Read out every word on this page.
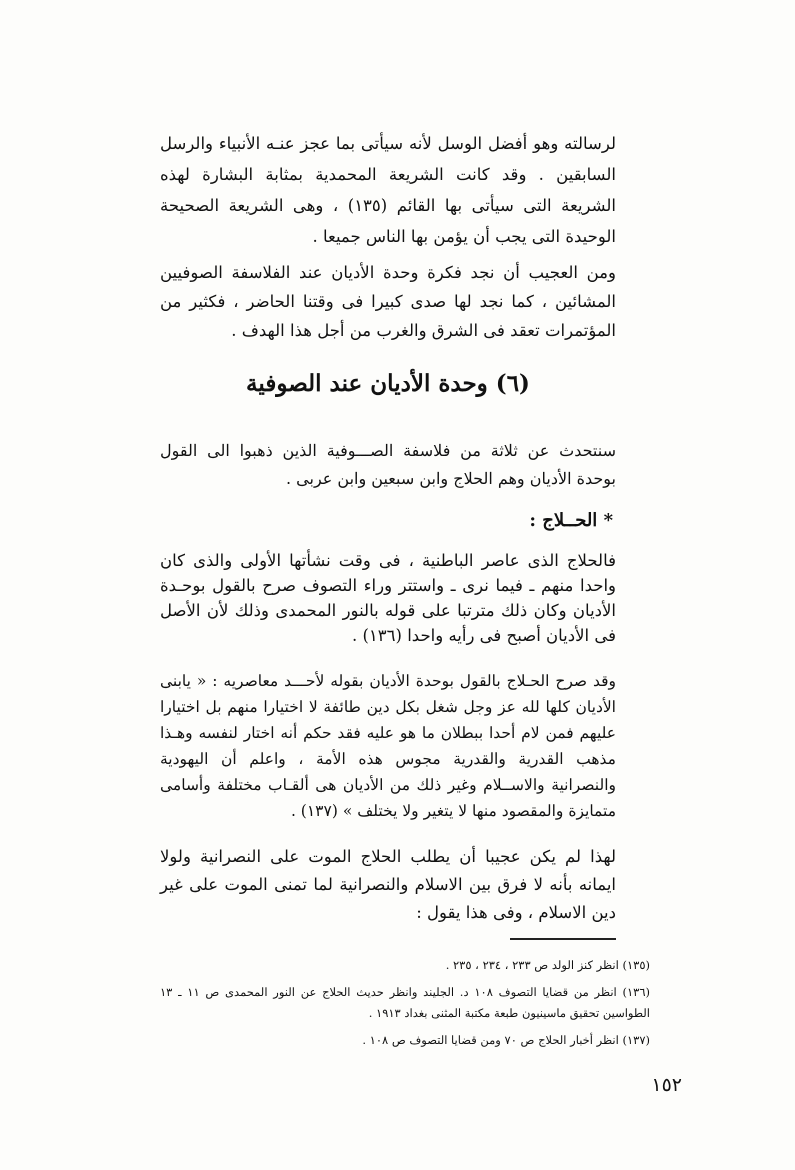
لرسالته وهو أفضل الوسل لأنه سيأتى بما عجز عنـه الأنبياء والرسل السابقين . وقد كانت الشريعة المحمدية بمثابة البشارة لهذه الشريعة التى سيأتى بها القائم (١٣٥) ، وهى الشريعة الصحيحة الوحيدة التى يجب أن يؤمن بها الناس جميعا .

ومن العجيب أن نجد فكرة وحدة الأديان عند الفلاسفة الصوفيين المشائين ، كما نجد لها صدى كبيرا فى وقتنا الحاضر ، فكثير من المؤتمرات تعقد فى الشرق والغرب من أجل هذا الهدف .

(٦) وحدة الأديان عند الصوفية

سنتحدث عن ثلاثة من فلاسفة الصـــوفية الذين ذهبوا الى القول بوحدة الأديان وهم الحلاج وابن سبعين وابن عربى .

* الحــلاج :

فالحلاج الذى عاصر الباطنية ، فى وقت نشأتها الأولى والذى كان واحدا منهم ـ فيما نرى ـ واستتر وراء التصوف صرح بالقول بوحـدة الأديان وكان ذلك مترتبا على قوله بالنور المحمدى وذلك لأن الأصل فى الأديان أصبح فى رأيه واحدا (١٣٦) .

وقد صرح الحـلاج بالقول بوحدة الأديان بقوله لأحـــد معاصريه : « يابنى الأديان كلها لله عز وجل شغل بكل دين طائفة لا اختيارا منهم بل اختيارا عليهم فمن لام أحدا ببطلان ما هو عليه فقد حكم أنه اختار لنفسه وهـذا مذهب القدرية والقدرية مجوس هذه الأمة ، واعلم أن اليهودية والنصرانية والاســلام وغير ذلك من الأديان هى ألقـاب مختلفة وأسامى متمايزة والمقصود منها لا يتغير ولا يختلف » (١٣٧) .

لهذا لم يكن عجيبا أن يطلب الحلاج الموت على النصرانية ولولا ايمانه بأنه لا فرق بين الاسلام والنصرانية لما تمنى الموت على غير دين الاسلام ، وفى هذا يقول :

(١٣٥) انظر كنز الولد ص ٢٣٣ ، ٢٣٤ ، ٢٣٥ .

(١٣٦) انظر من قضايا التصوف ١٠٨ د. الجليند وانظر حديث الحلاج عن النور المحمدى ص ١١ ـ ١٣ الطواسين تحقيق ماسينيون طبعة مكتبة المثنى بغداد ١٩١٣ .

(١٣٧) انظر أخبار الحلاج ص ٧٠ ومن قضايا التصوف ص ١٠٨ .

١٥٢
